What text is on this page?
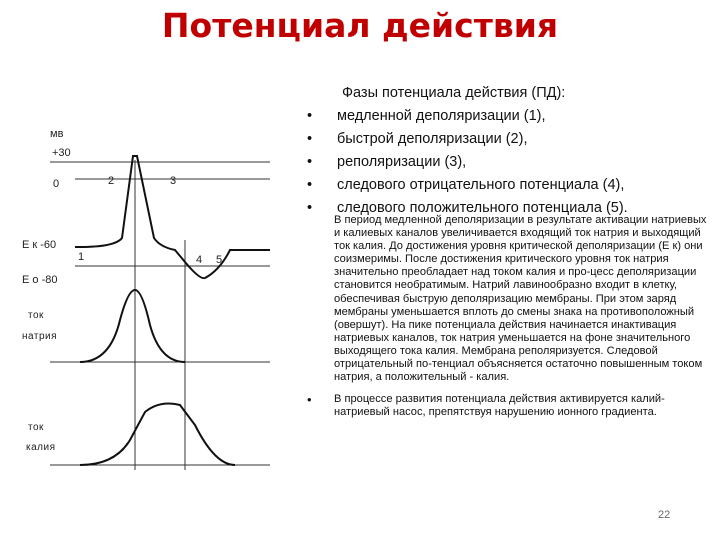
Потенциал действия
мв
+30
0
Е к -60
Е о -80
ток
натрия
ток
калия
1
2	3
4 5
Фазы потенциала действия (ПД):
• медленной деполяризации (1),
• быстрой деполяризации (2),
• реполяризации (3),
• следового отрицательного потенциала (4),
• следового положительного потенциала (5).

В период медленной деполяризации в результате активации натриевых и калиевых каналов увеличивается входящий ток натрия и выходящий ток калия. До достижения уровня критической деполяризации (Е к) они соизмеримы. После достижения критического уровня ток натрия значительно преобладает над током калия и про-цесс деполяризации становится необратимым. Натрий лавинообразно входит в клетку, обеспечивая быструю деполяризацию мембраны. При этом заряд мембраны уменьшается вплоть до смены знака на противоположный (овершут). На пике потенциала действия начинается инактивация натриевых каналов, ток натрия уменьшается на фоне значительного выходящего тока калия. Мембрана реполяризуется. Следовой отрицательный по-тенциал объясняется остаточно повышенным током натрия, а положительный - калия.

• В процессе развития потенциала действия активируется калий-натриевый насос, препятствуя нарушению ионного градиента.

22
